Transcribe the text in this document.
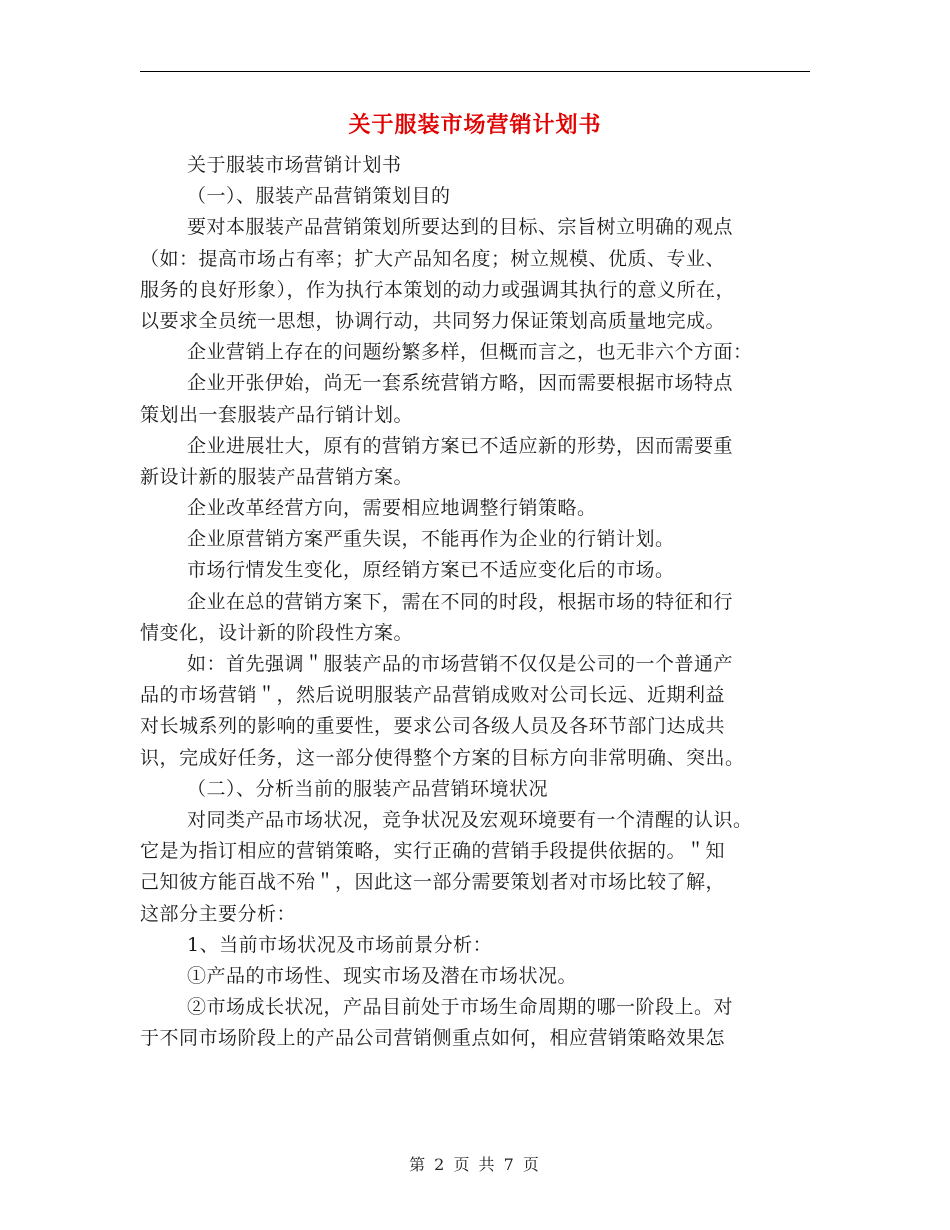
关于服装市场营销计划书
关于服装市场营销计划书
（一）、服装产品营销策划目的
要对本服装产品营销策划所要达到的目标、宗旨树立明确的观点
（如：提高市场占有率；扩大产品知名度；树立规模、优质、专业、
服务的良好形象），作为执行本策划的动力或强调其执行的意义所在，
以要求全员统一思想，协调行动，共同努力保证策划高质量地完成。
企业营销上存在的问题纷繁多样，但概而言之，也无非六个方面：
企业开张伊始，尚无一套系统营销方略，因而需要根据市场特点
策划出一套服装产品行销计划。
企业进展壮大，原有的营销方案已不适应新的形势，因而需要重
新设计新的服装产品营销方案。
企业改革经营方向，需要相应地调整行销策略。
企业原营销方案严重失误，不能再作为企业的行销计划。
市场行情发生变化，原经销方案已不适应变化后的市场。
企业在总的营销方案下，需在不同的时段，根据市场的特征和行
情变化，设计新的阶段性方案。
如：首先强调＂服装产品的市场营销不仅仅是公司的一个普通产
品的市场营销＂，然后说明服装产品营销成败对公司长远、近期利益
对长城系列的影响的重要性，要求公司各级人员及各环节部门达成共
识，完成好任务，这一部分使得整个方案的目标方向非常明确、突出。
（二）、分析当前的服装产品营销环境状况
对同类产品市场状况，竞争状况及宏观环境要有一个清醒的认识。
它是为指订相应的营销策略，实行正确的营销手段提供依据的。＂知
己知彼方能百战不殆＂，因此这一部分需要策划者对市场比较了解，
这部分主要分析：
1、当前市场状况及市场前景分析：
①产品的市场性、现实市场及潜在市场状况。
②市场成长状况，产品目前处于市场生命周期的哪一阶段上。对
于不同市场阶段上的产品公司营销侧重点如何，相应营销策略效果怎
第 2 页 共 7 页
